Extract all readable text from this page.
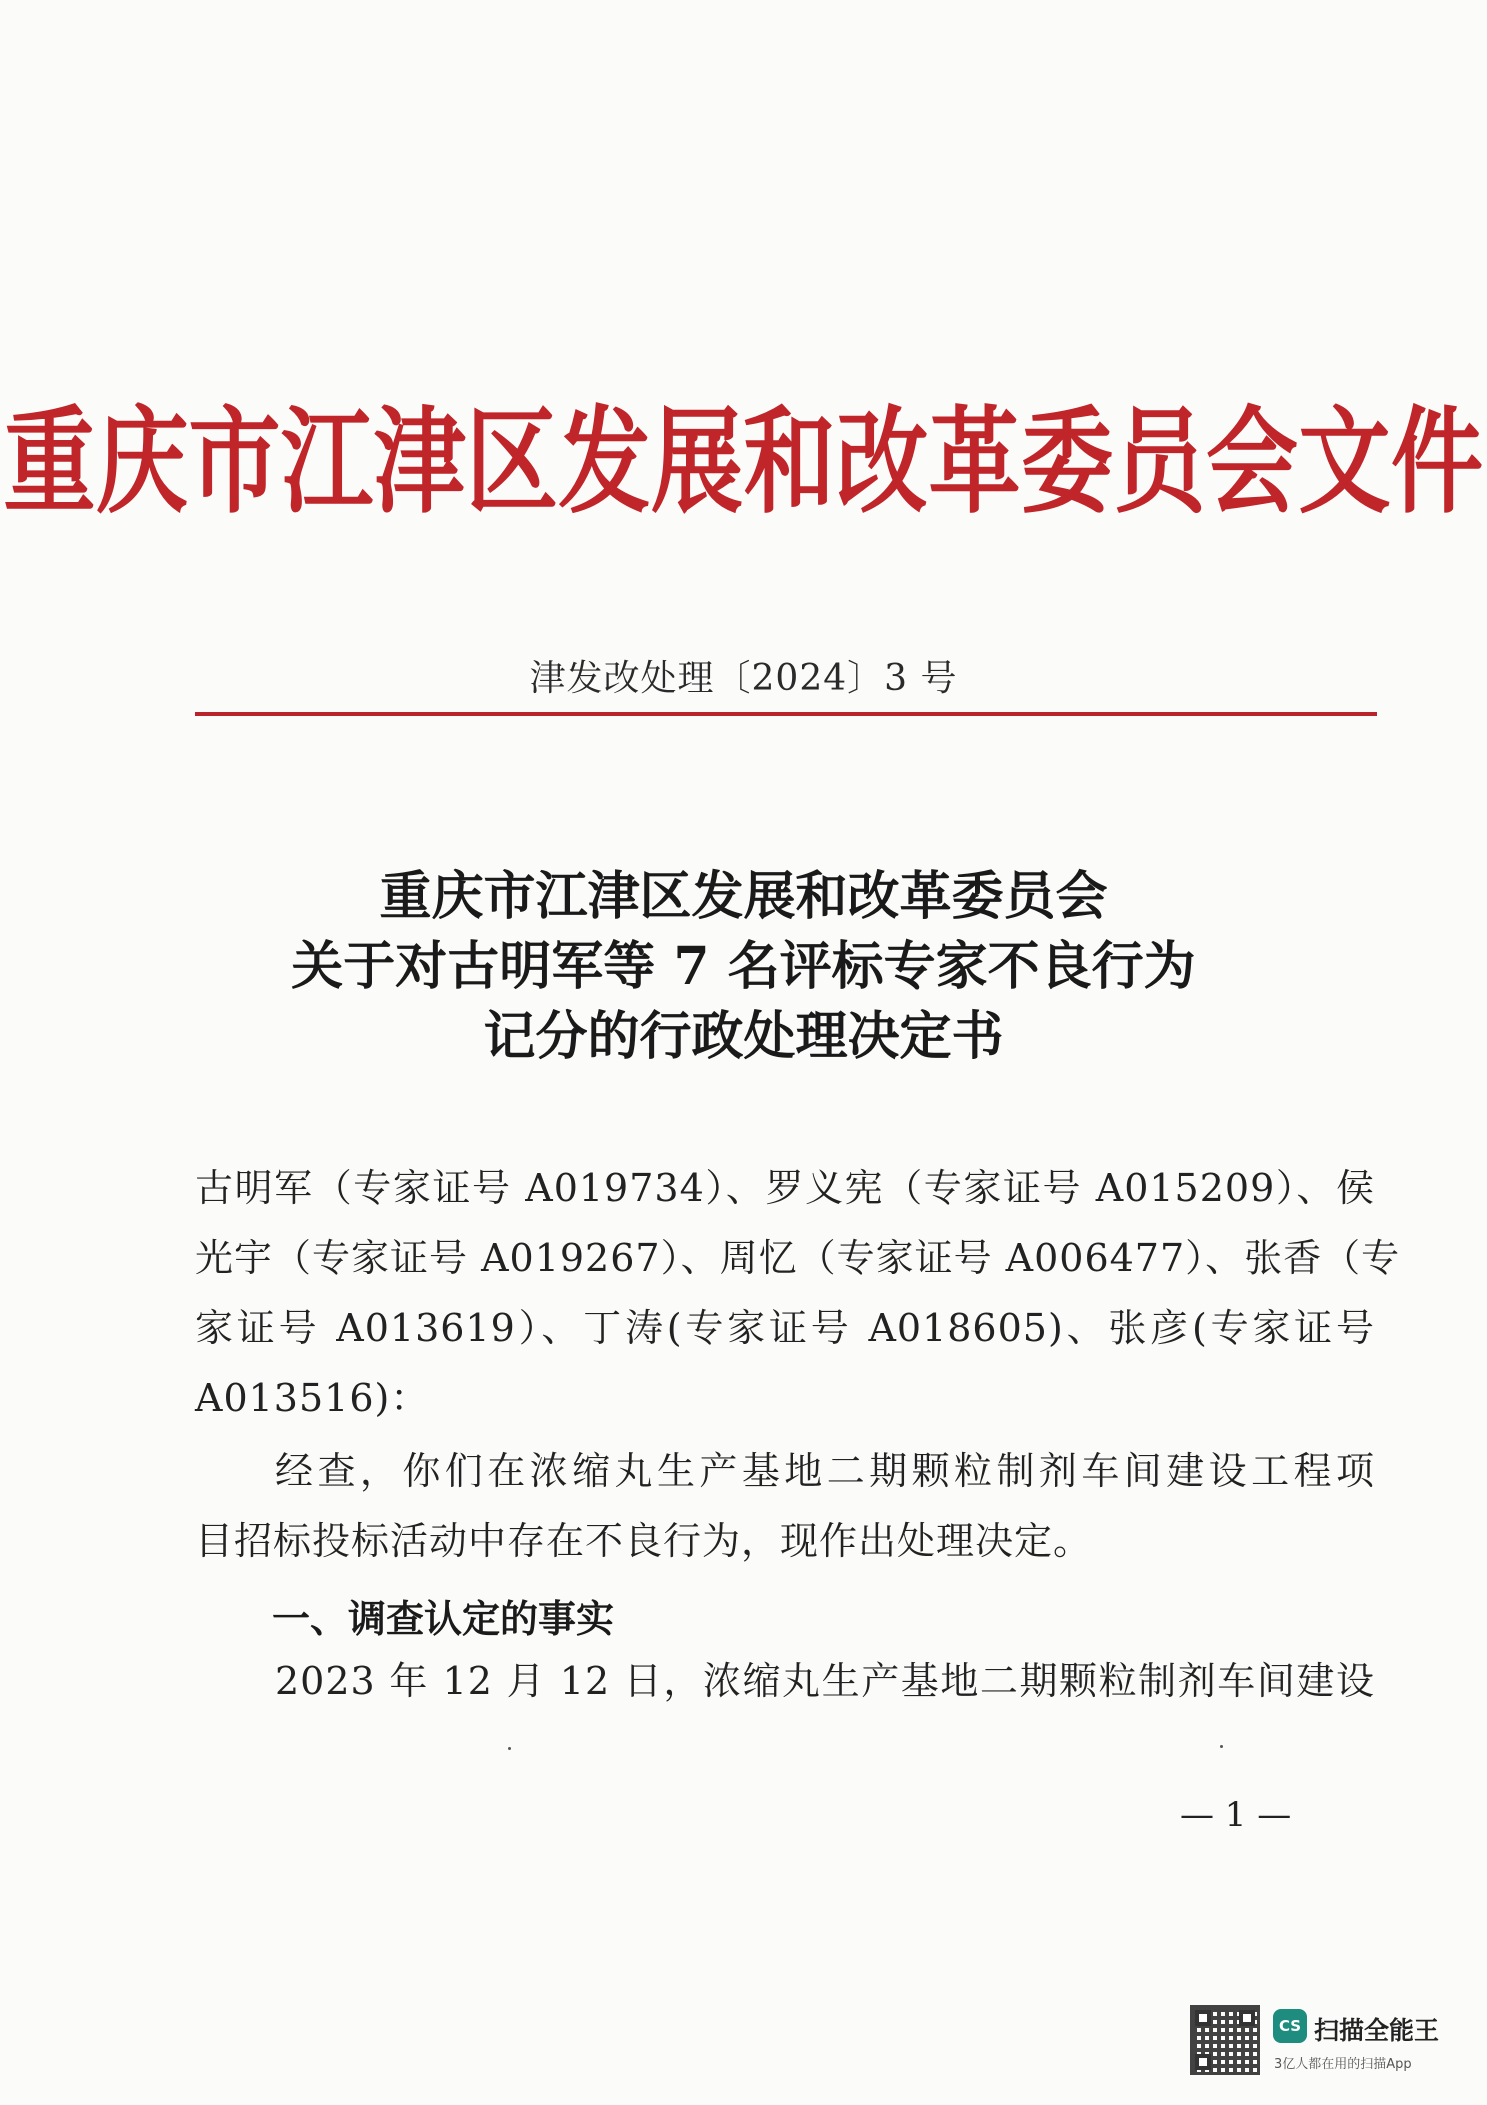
重庆市江津区发展和改革委员会文件
津发改处理〔2024〕3 号
重庆市江津区发展和改革委员会
关于对古明军等 7 名评标专家不良行为
记分的行政处理决定书
古明军（专家证号 A019734）、罗义宪（专家证号 A015209）、侯
光宇（专家证号 A019267）、周忆（专家证号 A006477）、张香（专
家证号 A013619）、丁涛(专家证号 A018605)、张彦(专家证号
A013516)：
经查，你们在浓缩丸生产基地二期颗粒制剂车间建设工程项
目招标投标活动中存在不良行为，现作出处理决定。
一、调查认定的事实
2023 年 12 月 12 日，浓缩丸生产基地二期颗粒制剂车间建设
— 1 —
CS 扫描全能王
3亿人都在用的扫描App
